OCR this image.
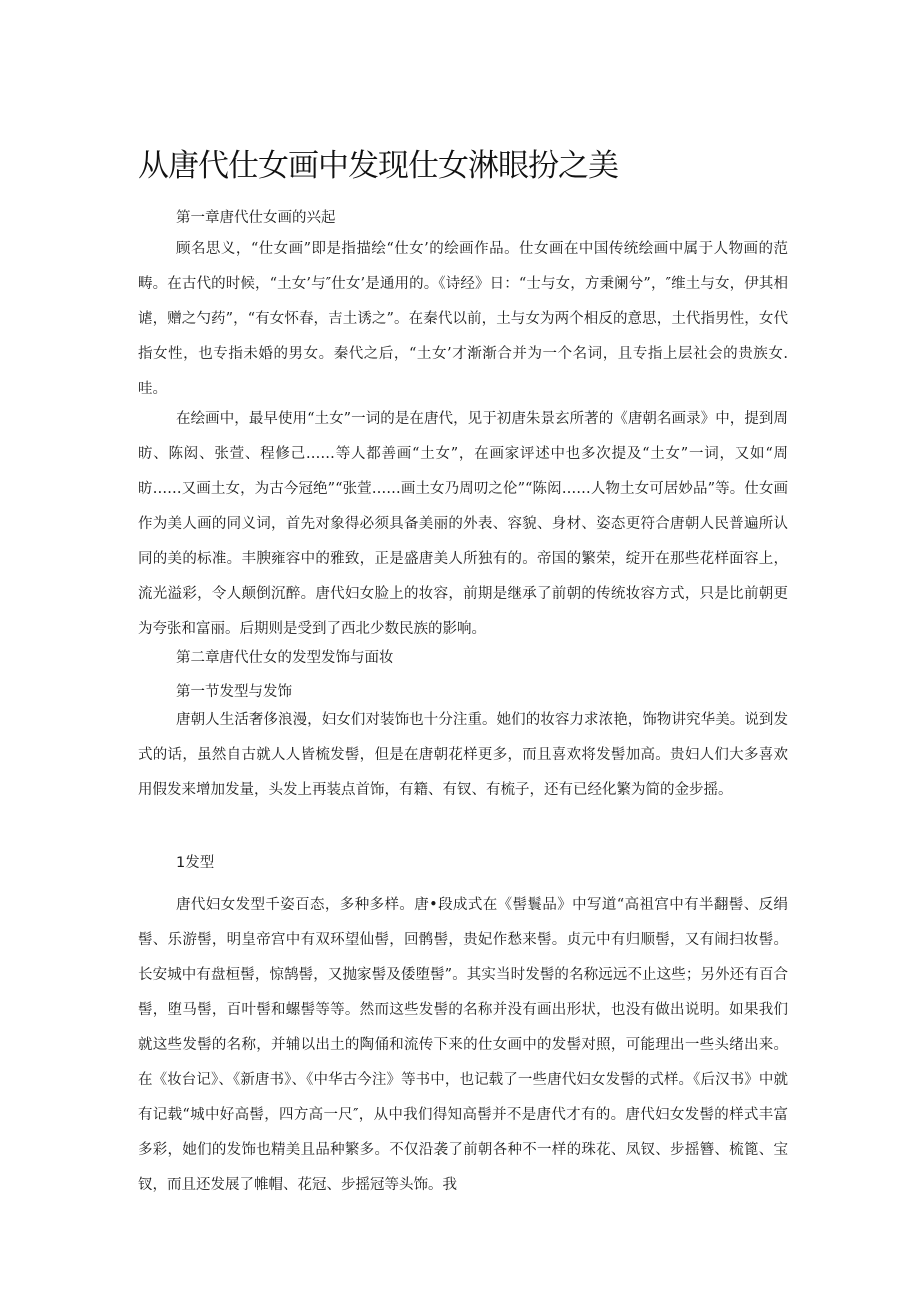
从唐代仕女画中发现仕女淋眼扮之美

第一章唐代仕女画的兴起

顾名思义，“仕女画”即是指描绘“仕女’的绘画作品。仕女画在中国传统绘画中属于人物画的范畴。在古代的时候，“土女’与″仕女’是通用的。《诗经》日：“士与女，方秉阑兮”，″维土与女，伊其相谑，赠之勺药”，“有女怀春，吉土诱之”。在秦代以前，土与女为两个相反的意思，土代指男性，女代指女性，也专指未婚的男女。秦代之后，“土女’才渐渐合并为一个名词，且专指上层社会的贵族女.哇。

在绘画中，最早使用“土女”一词的是在唐代，见于初唐朱景玄所著的《唐朝名画录》中，提到周昉、陈闳、张萱、程修己……等人都善画“土女”，在画家评述中也多次提及“土女”一词，又如“周昉……又画土女，为古今冠绝”“张萱……画土女乃周叨之伦”“陈闳……人物土女可居妙品”等。仕女画作为美人画的同义词，首先对象得必须具备美丽的外表、容貌、身材、姿态更符合唐朝人民普遍所认同的美的标准。丰腴雍容中的雅致，正是盛唐美人所独有的。帝国的繁荣，绽开在那些花样面容上，流光溢彩，令人颠倒沉醉。唐代妇女脸上的妆容，前期是继承了前朝的传统妆容方式，只是比前朝更为夸张和富丽。后期则是受到了西北少数民族的影响。

第二章唐代仕女的发型发饰与面妆

第一节发型与发饰

唐朝人生活奢侈浪漫，妇女们对装饰也十分注重。她们的妆容力求浓艳，饰物讲究华美。说到发式的话，虽然自古就人人皆梳发髻，但是在唐朝花样更多，而且喜欢将发髻加高。贵妇人们大多喜欢用假发来增加发量，头发上再装点首饰，有籍、有钗、有梳子，还有已经化繁为简的金步摇。

1发型

唐代妇女发型千姿百态，多种多样。唐•段成式在《髻鬟品》中写道“高祖宫中有半翻髻、反绢髻、乐游髻，明皇帝宫中有双环望仙髻，回鹘髻，贵妃作愁来髻。贞元中有归顺髻，又有闹扫妆髻。长安城中有盘桓髻，惊鹄髻，又抛家髻及倭堕髻”。其实当时发髻的名称远远不止这些；另外还有百合髻，堕马髻，百叶髻和螺髻等等。然而这些发髻的名称并没有画出形状，也没有做出说明。如果我们就这些发髻的名称，并辅以出土的陶俑和流传下来的仕女画中的发髻对照，可能理出一些头绪出来。在《妆台记》、《新唐书》、《中华古今注》等书中，也记载了一些唐代妇女发髻的式样。《后汉书》中就有记载“城中好高髻，四方高一尺″，从中我们得知高髻并不是唐代才有的。唐代妇女发髻的样式丰富多彩，她们的发饰也精美且品种繁多。不仅沿袭了前朝各种不一样的珠花、凤钗、步摇簪、梳篦、宝钗，而且还发展了帷帽、花冠、步摇冠等头饰。我
